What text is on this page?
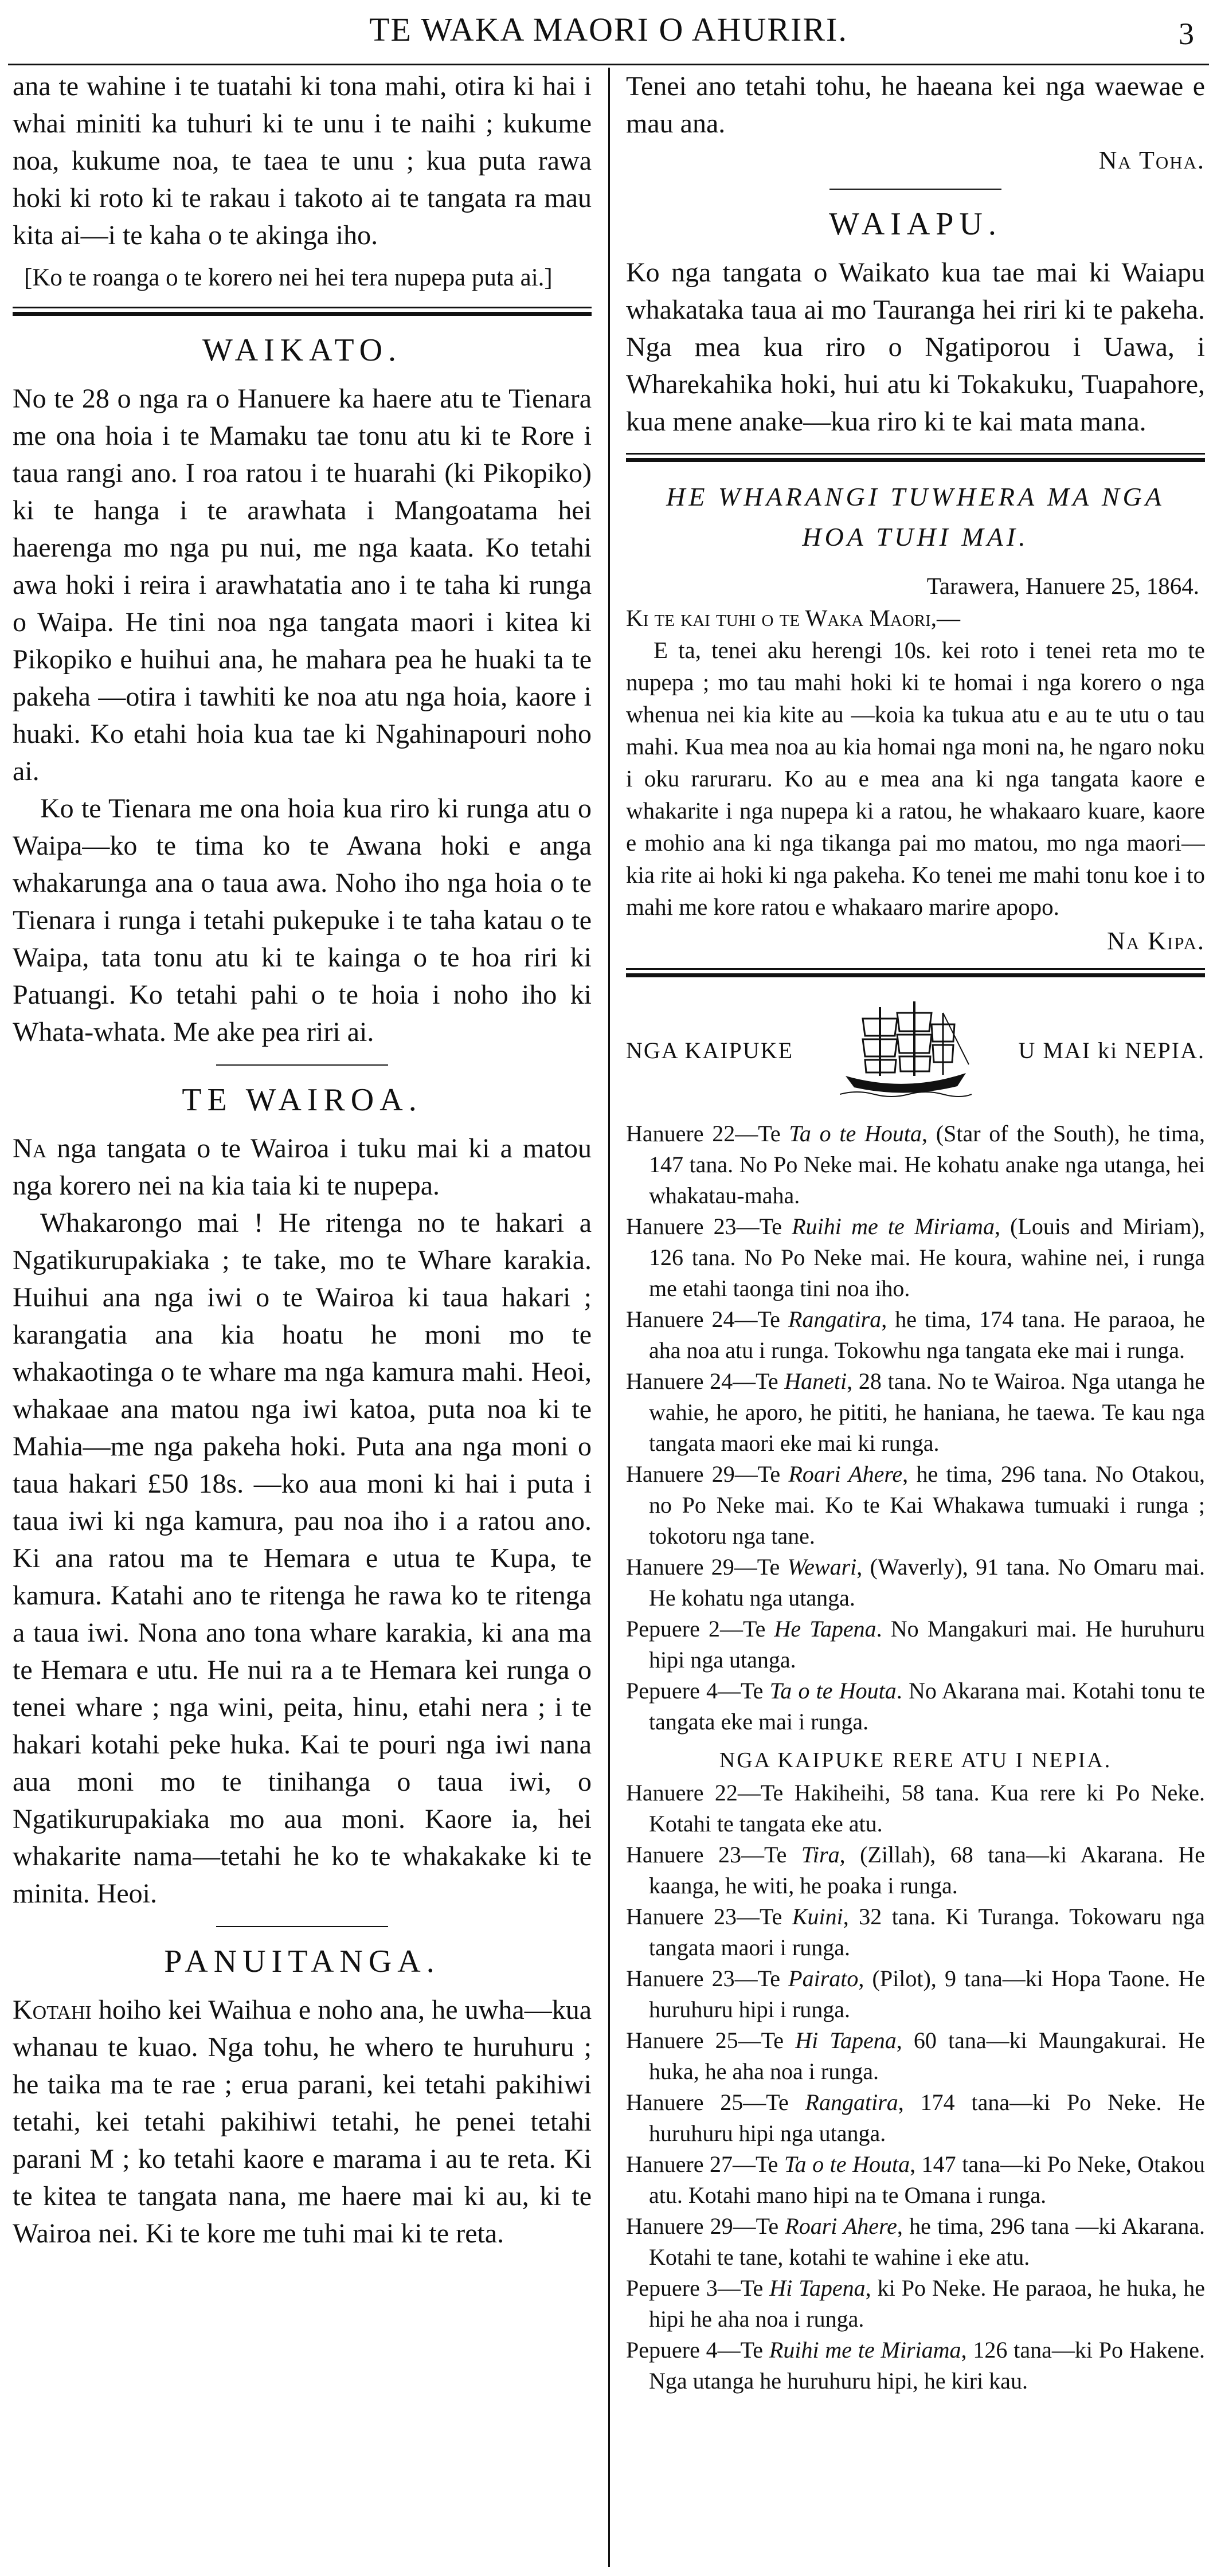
TE WAKA MAORI O AHURIRI.	3

ana te wahine i te tuatahi ki tona mahi, otira ki hai i whai miniti ka tuhuri ki te unu i te naihi ; kukume noa, kukume noa, te taea te unu ; kua puta rawa hoki ki roto ki te rakau i takoto ai te tangata ra mau kita ai—i te kaha o te akinga iho.

[Ko te roanga o te korero nei hei tera nupepa puta ai.]

WAIKATO.

No te 28 o nga ra o Hanuere ka haere atu te Tienara me ona hoia i te Mamaku tae tonu atu ki te Rore i taua rangi ano. I roa ratou i te huarahi (ki Pikopiko) ki te hanga i te arawhata i Mangoatama hei haerenga mo nga pu nui, me nga kaata. Ko tetahi awa hoki i reira i arawhatatia ano i te taha ki runga o Waipa. He tini noa nga tangata maori i kitea ki Pikopiko e huihui ana, he mahara pea he huaki ta te pakeha —otira i tawhiti ke noa atu nga hoia, kaore i huaki. Ko etahi hoia kua tae ki Ngahinapouri noho ai.

Ko te Tienara me ona hoia kua riro ki runga atu o Waipa—ko te tima ko te Awana hoki e anga whakarunga ana o taua awa. Noho iho nga hoia o te Tienara i runga i tetahi pukepuke i te taha katau o te Waipa, tata tonu atu ki te kainga o te hoa riri ki Patuangi. Ko tetahi pahi o te hoia i noho iho ki Whata-whata. Me ake pea riri ai.

TE WAIROA.

Na nga tangata o te Wairoa i tuku mai ki a matou nga korero nei na kia taia ki te nupepa.

Whakarongo mai ! He ritenga no te hakari a Ngatikurupakiaka ; te take, mo te Whare karakia. Huihui ana nga iwi o te Wairoa ki taua hakari ; karangatia ana kia hoatu he moni mo te whakaotinga o te whare ma nga kamura mahi. Heoi, whakaae ana matou nga iwi katoa, puta noa ki te Mahia—me nga pakeha hoki. Puta ana nga moni o taua hakari £50 18s. —ko aua moni ki hai i puta i taua iwi ki nga kamura, pau noa iho i a ratou ano. Ki ana ratou ma te Hemara e utua te Kupa, te kamura. Katahi ano te ritenga he rawa ko te ritenga a taua iwi. Nona ano tona whare karakia, ki ana ma te Hemara e utu. He nui ra a te Hemara kei runga o tenei whare ; nga wini, peita, hinu, etahi nera ; i te hakari kotahi peke huka. Kai te pouri nga iwi nana aua moni mo te tinihanga o taua iwi, o Ngatikurupakiaka mo aua moni. Kaore ia, hei whakarite nama—tetahi he ko te whakakake ki te minita. Heoi.

PANUITANGA.

Kotahi hoiho kei Waihua e noho ana, he uwha—kua whanau te kuao. Nga tohu, he whero te huruhuru ; he taika ma te rae ; erua parani, kei tetahi pakihiwi tetahi, kei tetahi pakihiwi tetahi, he penei tetahi parani M ; ko tetahi kaore e marama i au te reta. Ki te kitea te tangata nana, me haere mai ki au, ki te Wairoa nei. Ki te kore me tuhi mai ki te reta.

Tenei ano tetahi tohu, he haeana kei nga waewae e mau ana.

Na Toha.

WAIAPU.

Ko nga tangata o Waikato kua tae mai ki Waiapu whakataka taua ai mo Tauranga hei riri ki te pakeha. Nga mea kua riro o Ngatiporou i Uawa, i Wharekahika hoki, hui atu ki Tokakuku, Tuapahore, kua mene anake—kua riro ki te kai mata mana.

HE WHARANGI TUWHERA MA NGA
HOA TUHI MAI.

Tarawera, Hanuere 25, 1864.

Ki te kai tuhi o te Waka Maori,—

E ta, tenei aku herengi 10s. kei roto i tenei reta mo te nupepa ; mo tau mahi hoki ki te homai i nga korero o nga whenua nei kia kite au —koia ka tukua atu e au te utu o tau mahi. Kua mea noa au kia homai nga moni na, he ngaro noku i oku raruraru. Ko au e mea ana ki nga tangata kaore e whakarite i nga nupepa ki a ratou, he whakaaro kuare, kaore e mohio ana ki nga tikanga pai mo matou, mo nga maori—kia rite ai hoki ki nga pakeha. Ko tenei me mahi tonu koe i to mahi me kore ratou e whakaaro marire apopo.

Na Kipa.

NGA KAIPUKE	U MAI ki NEPIA.

Hanuere 22—Te Ta o te Houta, (Star of the South), he tima, 147 tana. No Po Neke mai. He kohatu anake nga utanga, hei whakatau-maha.

Hanuere 23—Te Ruihi me te Miriama, (Louis and Miriam), 126 tana. No Po Neke mai. He koura, wahine nei, i runga me etahi taonga tini noa iho.

Hanuere 24—Te Rangatira, he tima, 174 tana. He paraoa, he aha noa atu i runga. Tokowhu nga tangata eke mai i runga.

Hanuere 24—Te Haneti, 28 tana. No te Wairoa. Nga utanga he wahie, he aporo, he pititi, he haniana, he taewa. Te kau nga tangata maori eke mai ki runga.

Hanuere 29—Te Roari Ahere, he tima, 296 tana. No Otakou, no Po Neke mai. Ko te Kai Whakawa tumuaki i runga ; tokotoru nga tane.

Hanuere 29—Te Wewari, (Waverly), 91 tana. No Omaru mai. He kohatu nga utanga.

Pepuere 2—Te He Tapena. No Mangakuri mai. He huruhuru hipi nga utanga.

Pepuere 4—Te Ta o te Houta. No Akarana mai. Kotahi tonu te tangata eke mai i runga.

NGA KAIPUKE RERE ATU I NEPIA.

Hanuere 22—Te Hakiheihi, 58 tana. Kua rere ki Po Neke. Kotahi te tangata eke atu.

Hanuere 23—Te Tira, (Zillah), 68 tana—ki Akarana. He kaanga, he witi, he poaka i runga.

Hanuere 23—Te Kuini, 32 tana. Ki Turanga. Tokowaru nga tangata maori i runga.

Hanuere 23—Te Pairato, (Pilot), 9 tana—ki Hopa Taone. He huruhuru hipi i runga.

Hanuere 25—Te Hi Tapena, 60 tana—ki Maungakurai. He huka, he aha noa i runga.

Hanuere 25—Te Rangatira, 174 tana—ki Po Neke. He huruhuru hipi nga utanga.

Hanuere 27—Te Ta o te Houta, 147 tana—ki Po Neke, Otakou atu. Kotahi mano hipi na te Omana i runga.

Hanuere 29—Te Roari Ahere, he tima, 296 tana —ki Akarana. Kotahi te tane, kotahi te wahine i eke atu.

Pepuere 3—Te Hi Tapena, ki Po Neke. He paraoa, he huka, he hipi he aha noa i runga.

Pepuere 4—Te Ruihi me te Miriama, 126 tana—ki Po Hakene. Nga utanga he huruhuru hipi, he kiri kau.
